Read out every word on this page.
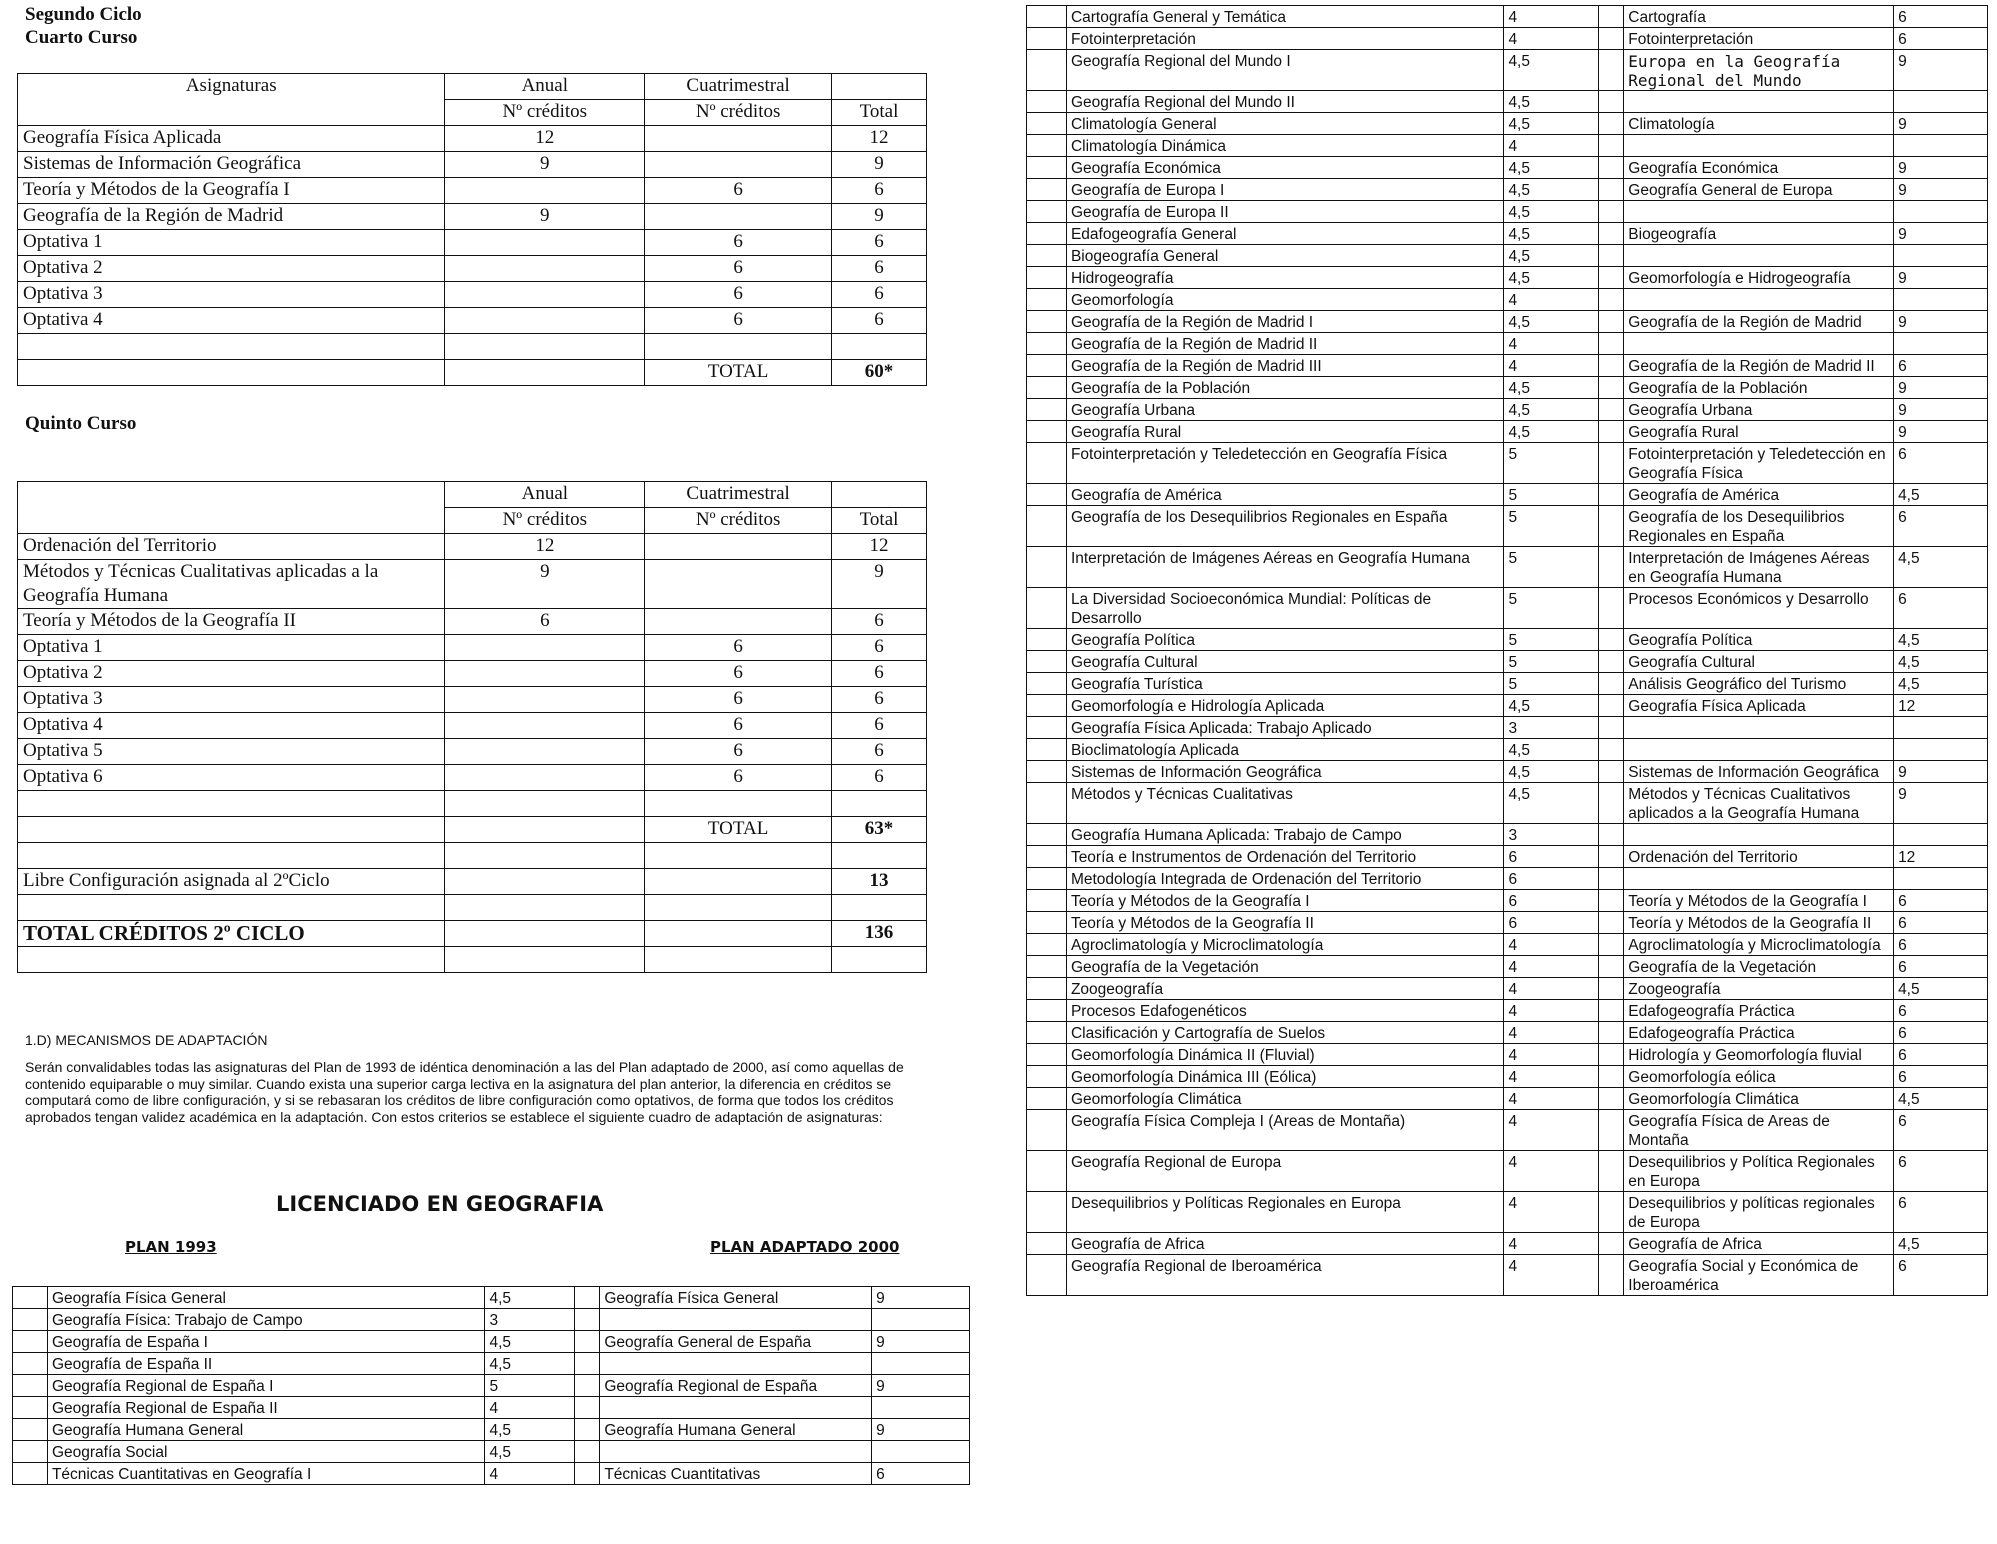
Segundo Ciclo
Cuarto Curso
Asignaturas	Anual	Cuatrimestral	
	Nº créditos	Nº créditos	Total
Geografía Física Aplicada	12		12
Sistemas de Información Geográfica	9		9
Teoría y Métodos de la Geografía I		6	6
Geografía de la Región de Madrid	9		9
Optativa 1		6	6
Optativa 2		6	6
Optativa 3		6	6
Optativa 4		6	6

		TOTAL	60*
Quinto Curso
	Anual	Cuatrimestral	
	Nº créditos	Nº créditos	Total
Ordenación del Territorio	12		12
Métodos y Técnicas Cualitativas aplicadas a la Geografía Humana	9		9
Teoría y Métodos de la Geografía II	6		6
Optativa 1		6	6
Optativa 2		6	6
Optativa 3		6	6
Optativa 4		6	6
Optativa 5		6	6
Optativa 6		6	6

		TOTAL	63*

Libre Configuración asignada al 2ºCiclo			13

TOTAL CRÉDITOS 2º CICLO			136

1.D) MECANISMOS DE ADAPTACIÓN
Serán convalidables todas las asignaturas del Plan de 1993 de idéntica denominación a las del Plan adaptado de 2000, así como aquellas de contenido equiparable o muy similar. Cuando exista una superior carga lectiva en la asignatura del plan anterior, la diferencia en créditos se computará como de libre configuración, y si se rebasaran los créditos de libre configuración como optativos, de forma que todos los créditos aprobados tengan validez académica en la adaptación. Con estos criterios se establece el siguiente cuadro de adaptación de asignaturas:
LICENCIADO EN GEOGRAFIA
PLAN 1993	PLAN ADAPTADO 2000
	Geografía Física General	4,5		Geografía Física General	9
	Geografía Física: Trabajo de Campo	3			
	Geografía de España I	4,5		Geografía General de España	9
	Geografía de España II	4,5			
	Geografía Regional de España I	5		Geografía Regional de España	9
	Geografía Regional de España II	4			
	Geografía Humana General	4,5		Geografía Humana General	9
	Geografía Social	4,5			
	Técnicas Cuantitativas en Geografía I	4		Técnicas Cuantitativas	6
	Cartografía General y Temática	4		Cartografía	6
	Fotointerpretación	4		Fotointerpretación	6
	Geografía Regional del Mundo I	4,5		Europa en la Geografía Regional del Mundo	9
	Geografía Regional del Mundo II	4,5			
	Climatología General	4,5		Climatología	9
	Climatología Dinámica	4			
	Geografía Económica	4,5		Geografía Económica	9
	Geografía de Europa I	4,5		Geografía General de Europa	9
	Geografía de Europa II	4,5			
	Edafogeografía General	4,5		Biogeografía	9
	Biogeografía General	4,5			
	Hidrogeografía	4,5		Geomorfología e Hidrogeografía	9
	Geomorfología	4			
	Geografía de la Región de Madrid I	4,5		Geografía de la Región de Madrid	9
	Geografía de la Región de Madrid II	4			
	Geografía de la Región de Madrid III	4		Geografía de la Región de Madrid II	6
	Geografía de la Población	4,5		Geografía de la Población	9
	Geografía Urbana	4,5		Geografía Urbana	9
	Geografía Rural	4,5		Geografía Rural	9
	Fotointerpretación y Teledetección en Geografía Física	5		Fotointerpretación y Teledetección en Geografía Física	6
	Geografía de América	5		Geografía de América	4,5
	Geografía de los Desequilibrios Regionales en España	5		Geografía de los Desequilibrios Regionales en España	6
	Interpretación de Imágenes Aéreas en Geografía Humana	5		Interpretación de Imágenes Aéreas en Geografía Humana	4,5
	La Diversidad Socioeconómica Mundial: Políticas de Desarrollo	5		Procesos Económicos y Desarrollo	6
	Geografía Política	5		Geografía Política	4,5
	Geografía Cultural	5		Geografía Cultural	4,5
	Geografía Turística	5		Análisis Geográfico del Turismo	4,5
	Geomorfología e Hidrología Aplicada	4,5		Geografía Física Aplicada	12
	Geografía Física Aplicada: Trabajo Aplicado	3			
	Bioclimatología Aplicada	4,5			
	Sistemas de Información Geográfica	4,5		Sistemas de Información Geográfica	9
	Métodos y Técnicas Cualitativas	4,5		Métodos y Técnicas Cualitativos aplicados a la Geografía Humana	9
	Geografía Humana Aplicada: Trabajo de Campo	3			
	Teoría e Instrumentos de Ordenación del Territorio	6		Ordenación del Territorio	12
	Metodología Integrada de Ordenación del Territorio	6			
	Teoría y Métodos de la Geografía I	6		Teoría y Métodos de la Geografía I	6
	Teoría y Métodos de la Geografía II	6		Teoría y Métodos de la Geografía II	6
	Agroclimatología y Microclimatología	4		Agroclimatología y Microclimatología	6
	Geografía de la Vegetación	4		Geografía de la Vegetación	6
	Zoogeografía	4		Zoogeografía	4,5
	Procesos Edafogenéticos	4		Edafogeografía Práctica	6
	Clasificación y Cartografía de Suelos	4		Edafogeografía Práctica	6
	Geomorfología Dinámica II (Fluvial)	4		Hidrología y Geomorfología fluvial	6
	Geomorfología Dinámica III (Eólica)	4		Geomorfología eólica	6
	Geomorfología Climática	4		Geomorfología Climática	4,5
	Geografía Física Compleja I (Areas de Montaña)	4		Geografía Física de Areas de Montaña	6
	Geografía Regional de Europa	4		Desequilibrios y Política Regionales en Europa	6
	Desequilibrios y Políticas Regionales en Europa	4		Desequilibrios y políticas regionales de Europa	6
	Geografía de Africa	4		Geografía de Africa	4,5
	Geografía Regional de Iberoamérica	4		Geografía Social y Económica de Iberoamérica	6
